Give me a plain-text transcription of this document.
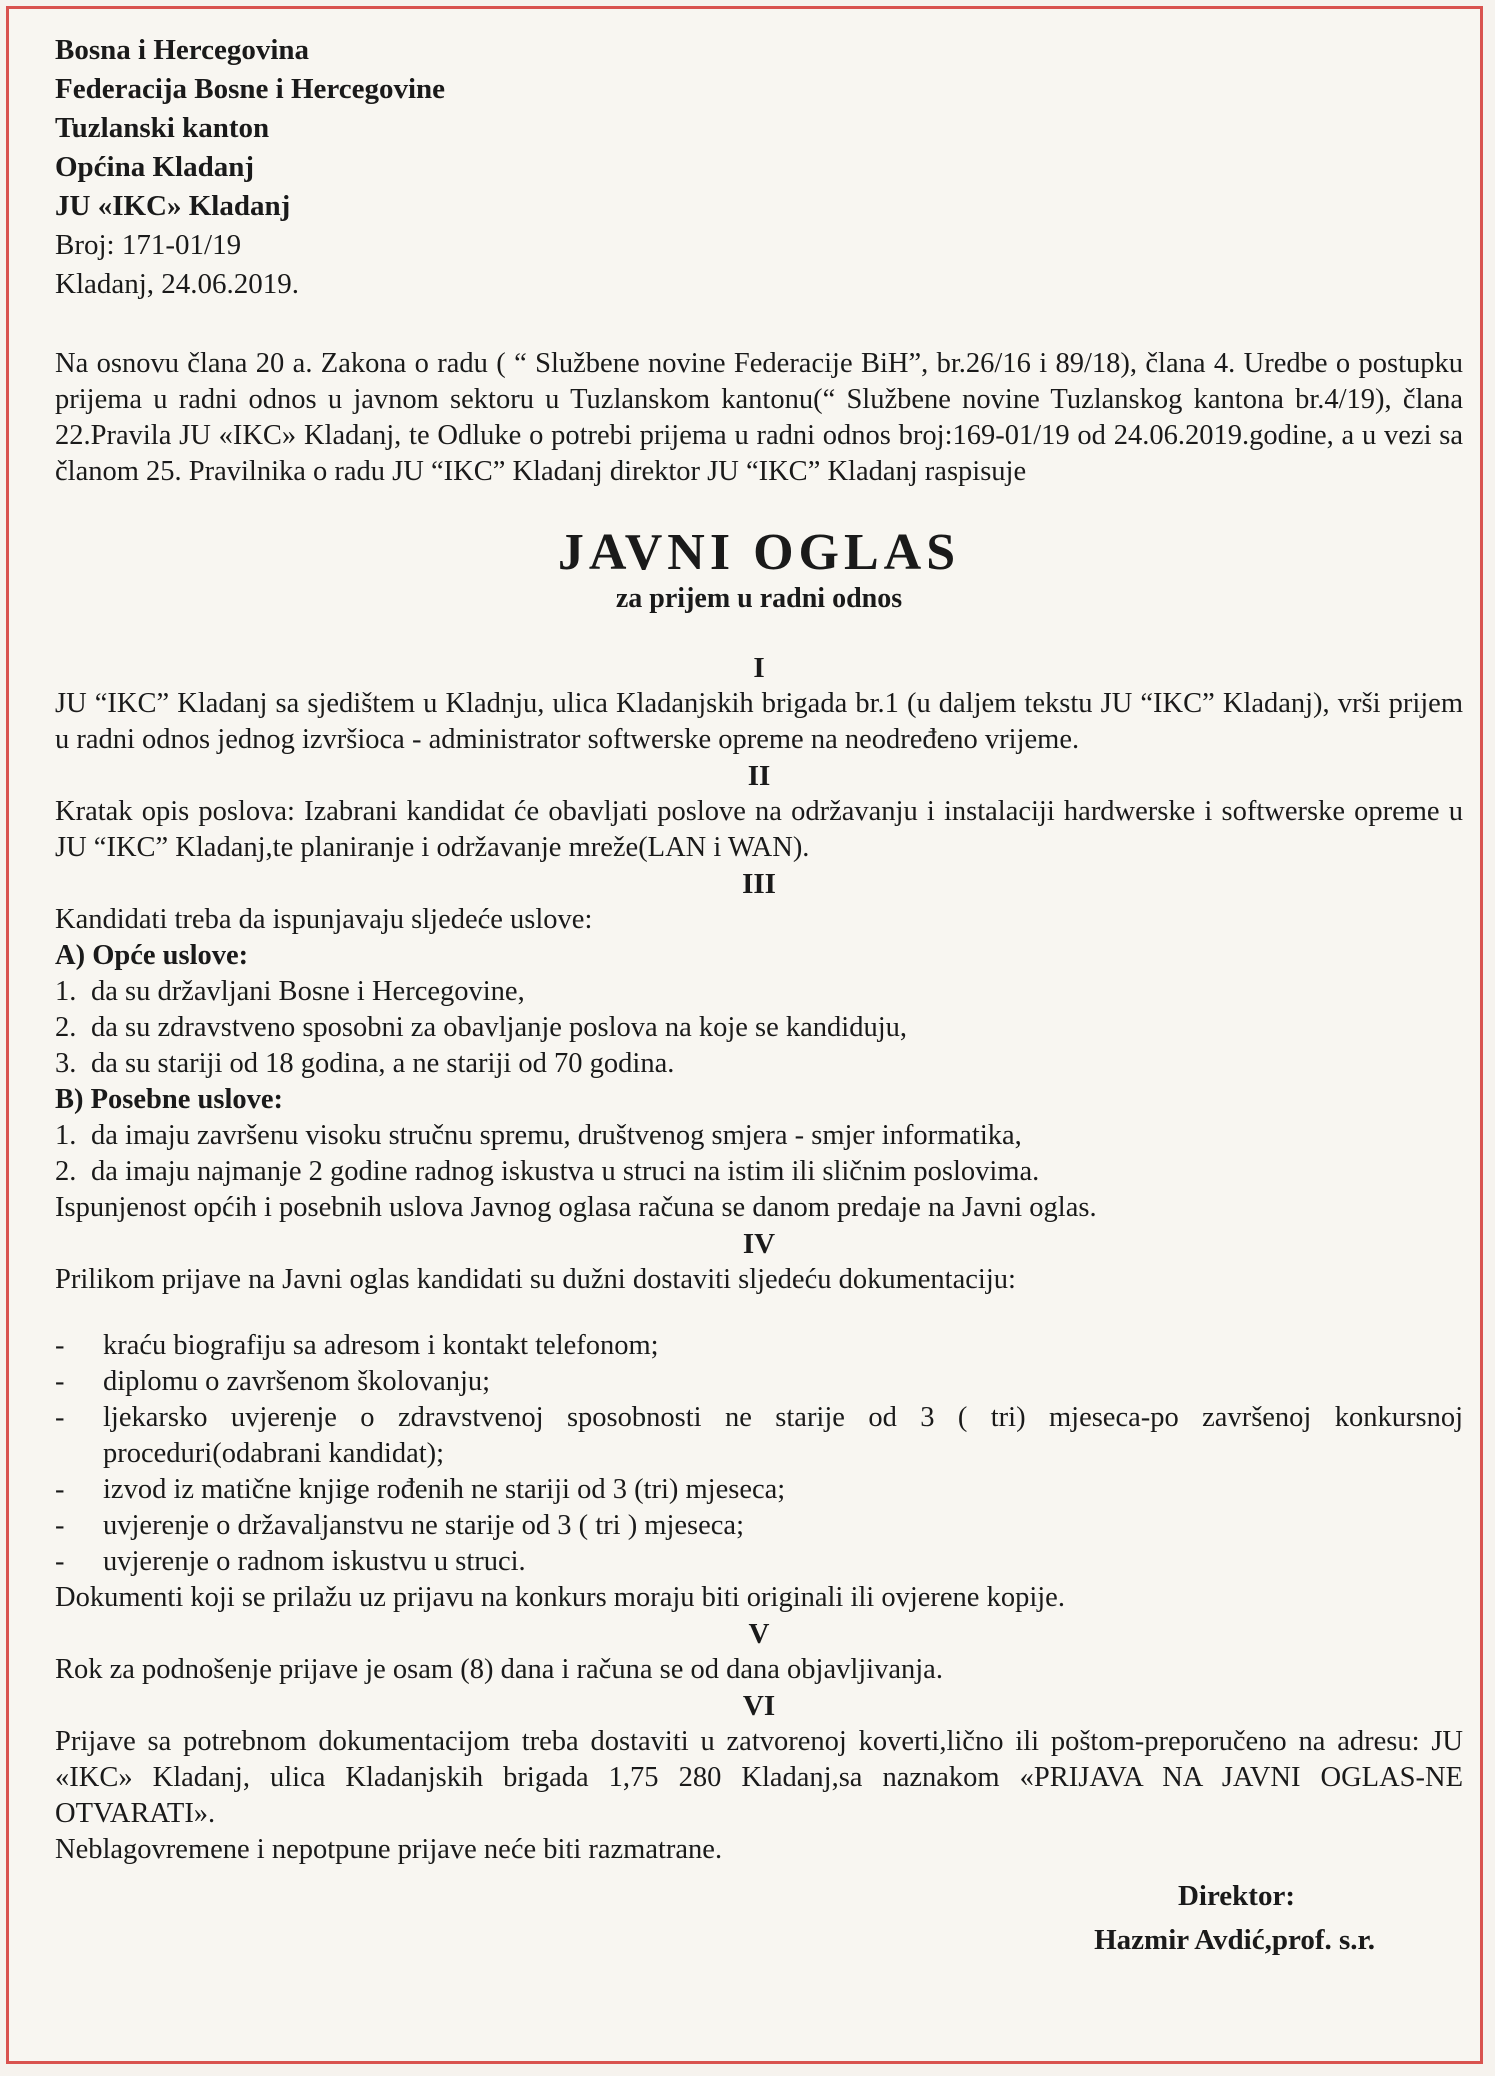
Bosna i Hercegovina
Federacija Bosne i Hercegovine
Tuzlanski kanton
Općina Kladanj
JU «IKC» Kladanj
Broj: 171-01/19
Kladanj, 24.06.2019.
Na osnovu člana 20 a. Zakona o radu ( “ Službene novine Federacije BiH”, br.26/16 i 89/18), člana 4. Uredbe o postupku prijema u radni odnos u javnom sektoru u Tuzlanskom kantonu(“ Službene novine Tuzlanskog kantona br.4/19), člana 22.Pravila JU «IKC» Kladanj, te Odluke o potrebi prijema u radni odnos broj:169-01/19 od 24.06.2019.godine, a u vezi sa članom 25. Pravilnika o radu JU “IKC” Kladanj direktor JU “IKC” Kladanj raspisuje
JAVNI OGLAS
za prijem u radni odnos
I
JU “IKC” Kladanj sa sjedištem u Kladnju, ulica Kladanjskih brigada br.1 (u daljem tekstu JU “IKC” Kladanj), vrši prijem u radni odnos jednog izvršioca - administrator softwerske opreme na neodređeno vrijeme.
II
Kratak opis poslova: Izabrani kandidat će obavljati poslove na održavanju i instalaciji hardwerske i softwerske opreme u JU “IKC” Kladanj,te planiranje i održavanje mreže(LAN i WAN).
III
Kandidati treba da ispunjavaju sljedeće uslove:
A) Opće uslove:
1. da su državljani Bosne i Hercegovine,
2. da su zdravstveno sposobni za obavljanje poslova na koje se kandiduju,
3. da su stariji od 18 godina, a ne stariji od 70 godina.
B) Posebne uslove:
1. da imaju završenu visoku stručnu spremu, društvenog smjera - smjer informatika,
2. da imaju najmanje 2 godine radnog iskustva u struci na istim ili sličnim poslovima.
Ispunjenost općih i posebnih uslova Javnog oglasa računa se danom predaje na Javni oglas.
IV
Prilikom prijave na Javni oglas kandidati su dužni dostaviti sljedeću dokumentaciju:
-	kraću biografiju sa adresom i kontakt telefonom;
-	diplomu o završenom školovanju;
-	ljekarsko uvjerenje o zdravstvenoj sposobnosti ne starije od 3 ( tri) mjeseca-po završenoj konkursnoj proceduri(odabrani kandidat);
-	izvod iz matične knjige rođenih ne stariji od 3 (tri) mjeseca;
-	uvjerenje o državaljanstvu ne starije od 3 ( tri ) mjeseca;
-	uvjerenje o radnom iskustvu u struci.
Dokumenti koji se prilažu uz prijavu na konkurs moraju biti originali ili ovjerene kopije.
V
Rok za podnošenje prijave je osam (8) dana i računa se od dana objavljivanja.
VI
Prijave sa potrebnom dokumentacijom treba dostaviti u zatvorenoj koverti,lično ili poštom-preporučeno na adresu: JU «IKC» Kladanj, ulica Kladanjskih brigada 1,75 280 Kladanj,sa naznakom «PRIJAVA NA JAVNI OGLAS-NE OTVARATI».
Neblagovremene i nepotpune prijave neće biti razmatrane.
Direktor:
Hazmir Avdić,prof. s.r.
